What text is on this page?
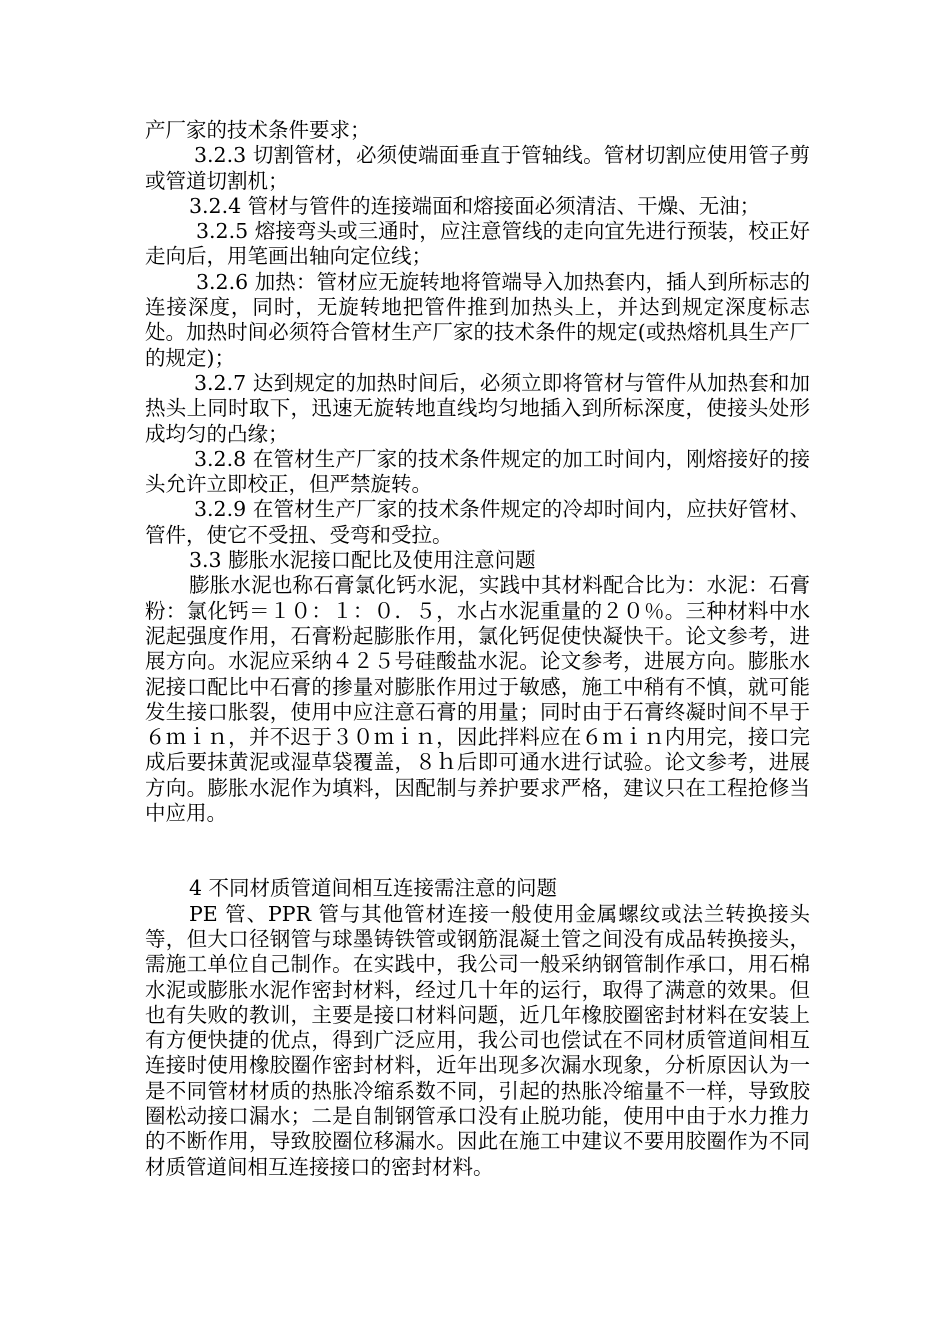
产厂家的技术条件要求；

3.2.3 切割管材，必须使端面垂直于管轴线。管材切割应使用管子剪或管道切割机；

3.2.4 管材与管件的连接端面和熔接面必须清洁、干燥、无油；

3.2.5 熔接弯头或三通时，应注意管线的走向宜先进行预装，校正好走向后，用笔画出轴向定位线；

3.2.6 加热：管材应无旋转地将管端导入加热套内，插人到所标志的连接深度，同时，无旋转地把管件推到加热头上，并达到规定深度标志处。加热时间必须符合管材生产厂家的技术条件的规定(或热熔机具生产厂的规定)；

3.2.7 达到规定的加热时间后，必须立即将管材与管件从加热套和加热头上同时取下，迅速无旋转地直线均匀地插入到所标深度，使接头处形成均匀的凸缘；

3.2.8 在管材生产厂家的技术条件规定的加工时间内，刚熔接好的接头允许立即校正，但严禁旋转。

3.2.9 在管材生产厂家的技术条件规定的冷却时间内，应扶好管材、管件，使它不受扭、受弯和受拉。

3.3 膨胀水泥接口配比及使用注意问题

膨胀水泥也称石膏氯化钙水泥，实践中其材料配合比为：水泥：石膏粉：氯化钙＝１０：１：０．５，水占水泥重量的２０％。三种材料中水泥起强度作用，石膏粉起膨胀作用，氯化钙促使快凝快干。论文参考，进展方向。水泥应采纳４２５号硅酸盐水泥。论文参考，进展方向。膨胀水泥接口配比中石膏的掺量对膨胀作用过于敏感，施工中稍有不慎，就可能发生接口胀裂，使用中应注意石膏的用量；同时由于石膏终凝时间不早于６ｍｉｎ，并不迟于３０ｍｉｎ，因此拌料应在６ｍｉｎ内用完，接口完成后要抹黄泥或湿草袋覆盖，８ｈ后即可通水进行试验。论文参考，进展方向。膨胀水泥作为填料，因配制与养护要求严格，建议只在工程抢修当中应用。

4 不同材质管道间相互连接需注意的问题

PE 管、PPR 管与其他管材连接一般使用金属螺纹或法兰转换接头等，但大口径钢管与球墨铸铁管或钢筋混凝土管之间没有成品转换接头，需施工单位自己制作。在实践中，我公司一般采纳钢管制作承口，用石棉水泥或膨胀水泥作密封材料，经过几十年的运行，取得了满意的效果。但也有失败的教训，主要是接口材料问题，近几年橡胶圈密封材料在安装上有方便快捷的优点，得到广泛应用，我公司也偿试在不同材质管道间相互连接时使用橡胶圈作密封材料，近年出现多次漏水现象，分析原因认为一是不同管材材质的热胀冷缩系数不同，引起的热胀冷缩量不一样，导致胶圈松动接口漏水；二是自制钢管承口没有止脱功能，使用中由于水力推力的不断作用，导致胶圈位移漏水。因此在施工中建议不要用胶圈作为不同材质管道间相互连接接口的密封材料。
